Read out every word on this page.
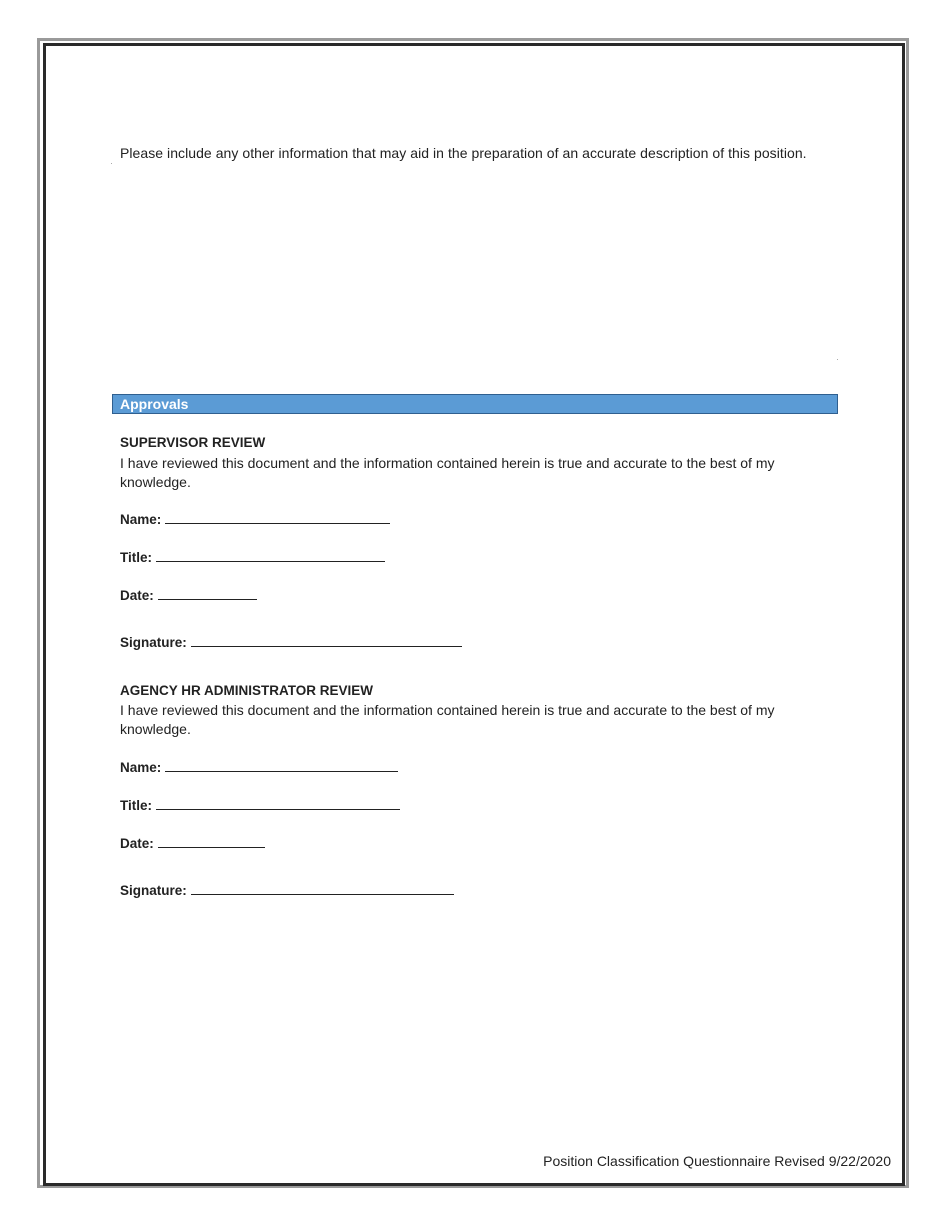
Please include any other information that may aid in the preparation of an accurate description of this position.
Approvals
SUPERVISOR REVIEW
I have reviewed this document and the information contained herein is true and accurate to the best of my knowledge.
Name:
Title:
Date:
Signature:
AGENCY HR ADMINISTRATOR REVIEW
I have reviewed this document and the information contained herein is true and accurate to the best of my knowledge.
Name:
Title:
Date:
Signature:
Position Classification Questionnaire Revised 9/22/2020
